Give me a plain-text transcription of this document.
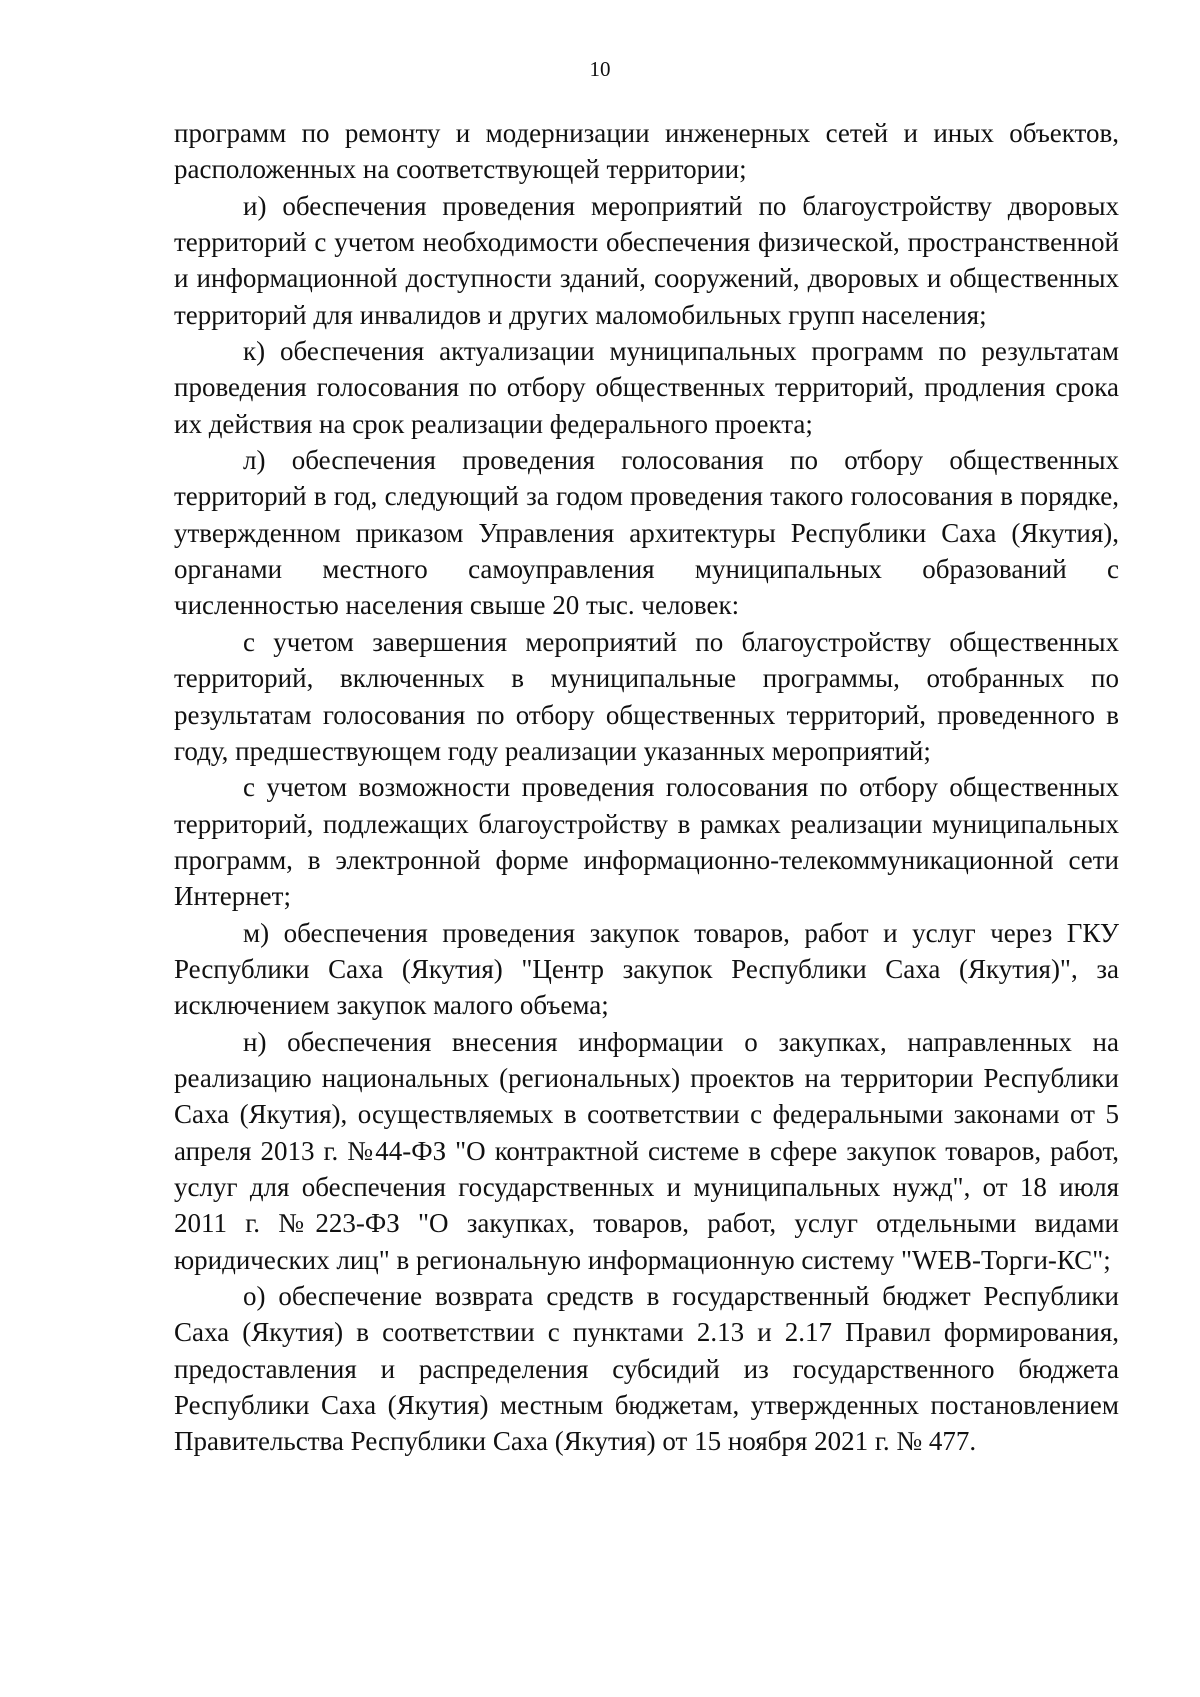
10

программ по ремонту и модернизации инженерных сетей и иных объектов, расположенных на соответствующей территории;

и) обеспечения проведения мероприятий по благоустройству дворовых территорий с учетом необходимости обеспечения физической, пространственной и информационной доступности зданий, сооружений, дворовых и общественных территорий для инвалидов и других маломобильных групп населения;

к) обеспечения актуализации муниципальных программ по результатам проведения голосования по отбору общественных территорий, продления срока их действия на срок реализации федерального проекта;

л) обеспечения проведения голосования по отбору общественных территорий в год, следующий за годом проведения такого голосования в порядке, утвержденном приказом Управления архитектуры Республики Саха (Якутия), органами местного самоуправления муниципальных образований с численностью населения свыше 20 тыс. человек:

с учетом завершения мероприятий по благоустройству общественных территорий, включенных в муниципальные программы, отобранных по результатам голосования по отбору общественных территорий, проведенного в году, предшествующем году реализации указанных мероприятий;

с учетом возможности проведения голосования по отбору общественных территорий, подлежащих благоустройству в рамках реализации муниципальных программ, в электронной форме информационно-телекоммуникационной сети Интернет;

м) обеспечения проведения закупок товаров, работ и услуг через ГКУ Республики Саха (Якутия) "Центр закупок Республики Саха (Якутия)", за исключением закупок малого объема;

н) обеспечения внесения информации о закупках, направленных на реализацию национальных (региональных) проектов на территории Республики Саха (Якутия), осуществляемых в соответствии с федеральными законами от 5 апреля 2013 г. №44-ФЗ "О контрактной системе в сфере закупок товаров, работ, услуг для обеспечения государственных и муниципальных нужд", от 18 июля 2011 г. №223-ФЗ "О закупках, товаров, работ, услуг отдельными видами юридических лиц" в региональную информационную систему "WEB-Торги-КС";

о) обеспечение возврата средств в государственный бюджет Республики Саха (Якутия) в соответствии с пунктами 2.13 и 2.17 Правил формирования, предоставления и распределения субсидий из государственного бюджета Республики Саха (Якутия) местным бюджетам, утвержденных постановлением Правительства Республики Саха (Якутия) от 15 ноября 2021 г. № 477.
